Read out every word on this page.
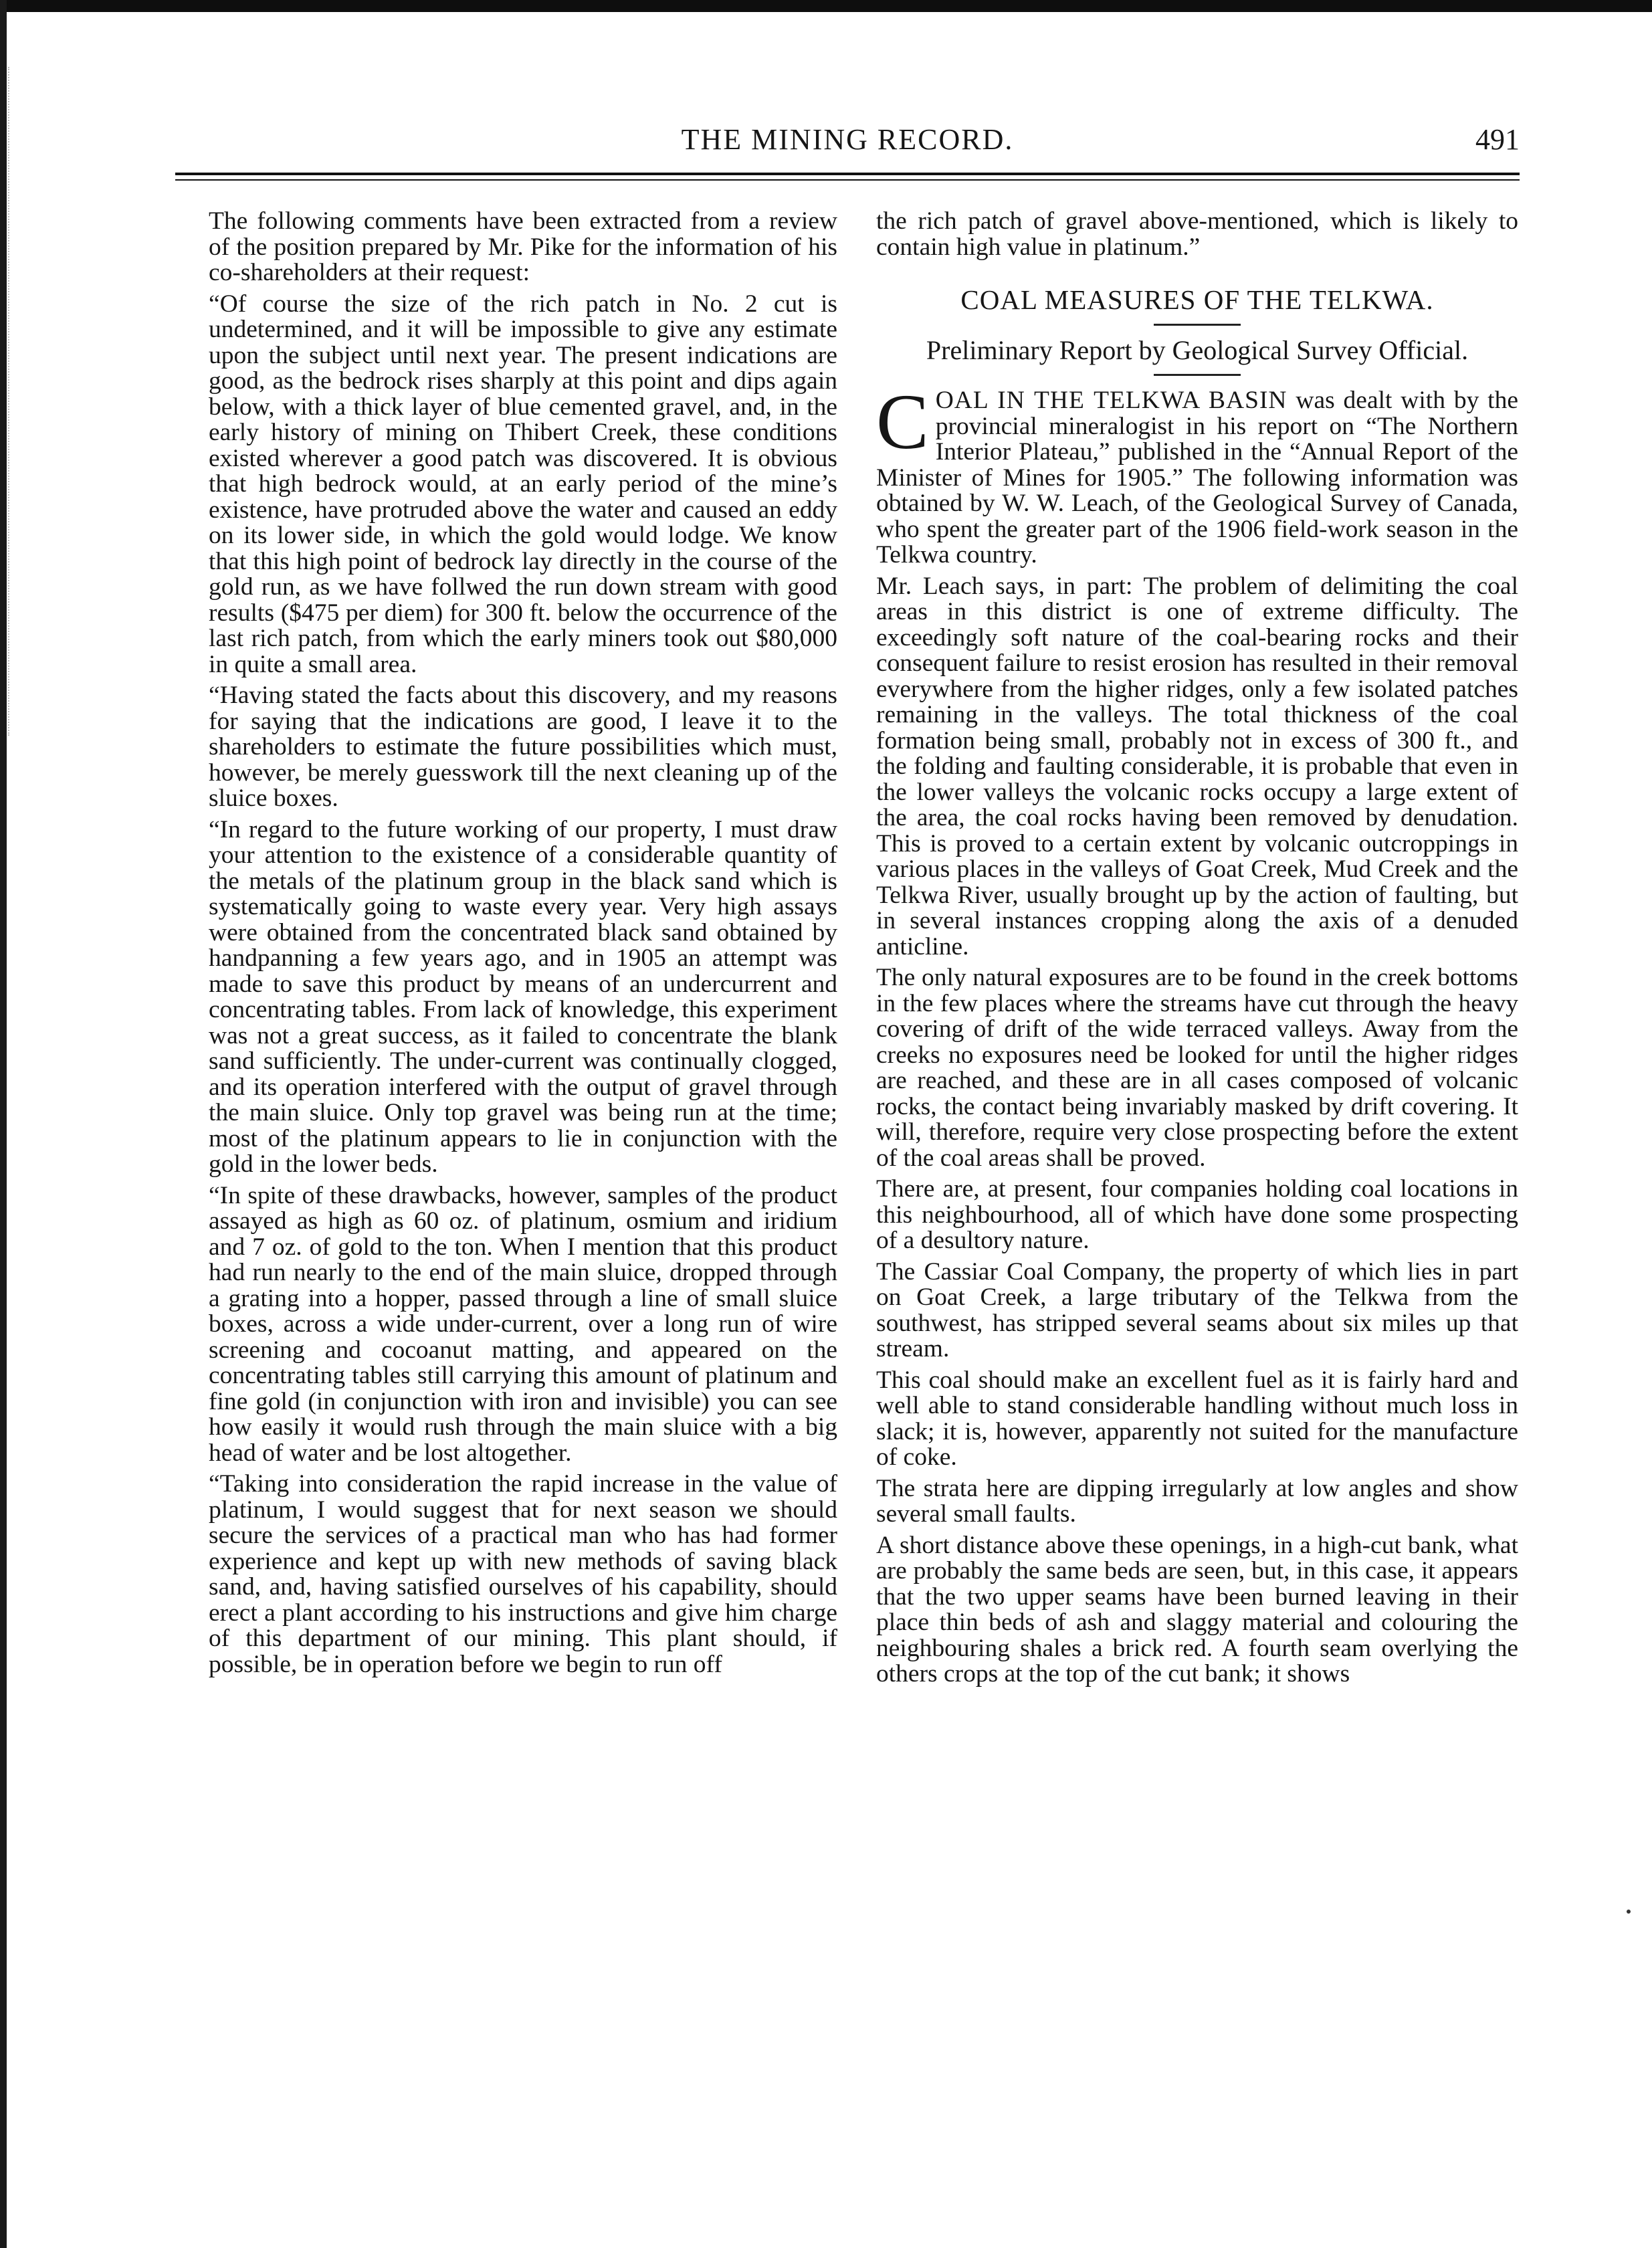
THE MINING RECORD.	491

The following comments have been extracted from a review of the position prepared by Mr. Pike for the information of his co-shareholders at their request:

“Of course the size of the rich patch in No. 2 cut is undetermined, and it will be impossible to give any estimate upon the subject until next year. The present indications are good, as the bedrock rises sharply at this point and dips again below, with a thick layer of blue cemented gravel, and, in the early history of mining on Thibert Creek, these conditions existed wherever a good patch was discovered. It is obvious that high bedrock would, at an early period of the mine’s existence, have protruded above the water and caused an eddy on its lower side, in which the gold would lodge. We know that this high point of bedrock lay directly in the course of the gold run, as we have follwed the run down stream with good results ($475 per diem) for 300 ft. below the occurrence of the last rich patch, from which the early miners took out $80,000 in quite a small area.

“Having stated the facts about this discovery, and my reasons for saying that the indications are good, I leave it to the shareholders to estimate the future possibilities which must, however, be merely guesswork till the next cleaning up of the sluice boxes.

“In regard to the future working of our property, I must draw your attention to the existence of a considerable quantity of the metals of the platinum group in the black sand which is systematically going to waste every year. Very high assays were obtained from the concentrated black sand obtained by handpanning a few years ago, and in 1905 an attempt was made to save this product by means of an undercurrent and concentrating tables. From lack of knowledge, this experiment was not a great success, as it failed to concentrate the blank sand sufficiently. The under-current was continually clogged, and its operation interfered with the output of gravel through the main sluice. Only top gravel was being run at the time; most of the platinum appears to lie in conjunction with the gold in the lower beds.

“In spite of these drawbacks, however, samples of the product assayed as high as 60 oz. of platinum, osmium and iridium and 7 oz. of gold to the ton. When I mention that this product had run nearly to the end of the main sluice, dropped through a grating into a hopper, passed through a line of small sluice boxes, across a wide under-current, over a long run of wire screening and cocoanut matting, and appeared on the concentrating tables still carrying this amount of platinum and fine gold (in conjunction with iron and invisible) you can see how easily it would rush through the main sluice with a big head of water and be lost altogether.

“Taking into consideration the rapid increase in the value of platinum, I would suggest that for next season we should secure the services of a practical man who has had former experience and kept up with new methods of saving black sand, and, having satisfied ourselves of his capability, should erect a plant according to his instructions and give him charge of this department of our mining. This plant should, if possible, be in operation before we begin to run off

the rich patch of gravel above-mentioned, which is likely to contain high value in platinum.”

COAL MEASURES OF THE TELKWA.
Preliminary Report by Geological Survey Official.

COAL IN THE TELKWA BASIN was dealt with by the provincial mineralogist in his report on “The Northern Interior Plateau,” published in the “Annual Report of the Minister of Mines for 1905.” The following information was obtained by W. W. Leach, of the Geological Survey of Canada, who spent the greater part of the 1906 field-work season in the Telkwa country.

Mr. Leach says, in part: The problem of delimiting the coal areas in this district is one of extreme difficulty. The exceedingly soft nature of the coal-bearing rocks and their consequent failure to resist erosion has resulted in their removal everywhere from the higher ridges, only a few isolated patches remaining in the valleys. The total thickness of the coal formation being small, probably not in excess of 300 ft., and the folding and faulting considerable, it is probable that even in the lower valleys the volcanic rocks occupy a large extent of the area, the coal rocks having been removed by denudation. This is proved to a certain extent by volcanic outcroppings in various places in the valleys of Goat Creek, Mud Creek and the Telkwa River, usually brought up by the action of faulting, but in several instances cropping along the axis of a denuded anticline.

The only natural exposures are to be found in the creek bottoms in the few places where the streams have cut through the heavy covering of drift of the wide terraced valleys. Away from the creeks no exposures need be looked for until the higher ridges are reached, and these are in all cases composed of volcanic rocks, the contact being invariably masked by drift covering. It will, therefore, require very close prospecting before the extent of the coal areas shall be proved.

There are, at present, four companies holding coal locations in this neighbourhood, all of which have done some prospecting of a desultory nature.

The Cassiar Coal Company, the property of which lies in part on Goat Creek, a large tributary of the Telkwa from the southwest, has stripped several seams about six miles up that stream.

This coal should make an excellent fuel as it is fairly hard and well able to stand considerable handling without much loss in slack; it is, however, apparently not suited for the manufacture of coke.

The strata here are dipping irregularly at low angles and show several small faults.

A short distance above these openings, in a high-cut bank, what are probably the same beds are seen, but, in this case, it appears that the two upper seams have been burned leaving in their place thin beds of ash and slaggy material and colouring the neighbouring shales a brick red. A fourth seam overlying the others crops at the top of the cut bank; it shows
